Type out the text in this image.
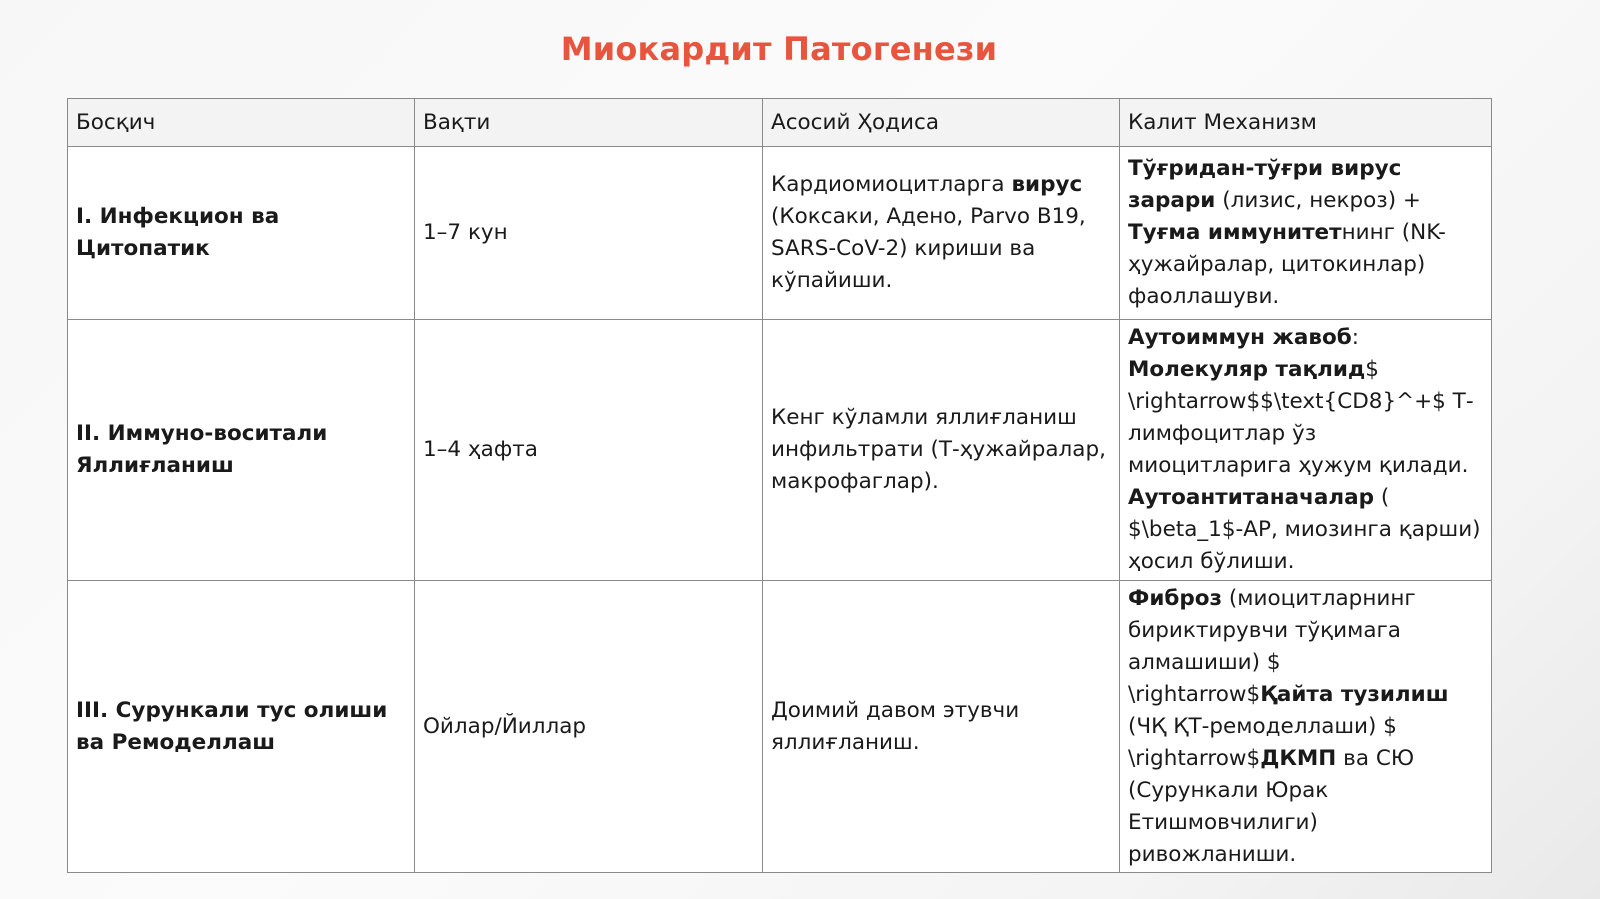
Миокардит Патогенези
Босқич	Вақти	Асосий Ҳодиса	Калит Механизм
I. Инфекцион ва Цитопатик	1–7 кун	Кардиомиоцитларга вирус (Коксаки, Адено, Parvo B19, SARS-CoV-2) кириши ва кўпайиши.	Тўғридан-тўғри вирус зарари (лизис, некроз) + Туғма иммунитетнинг (NK-ҳужайралар, цитокинлар) фаоллашуви.
II. Иммуно-воситали Яллиғланиш	1–4 ҳафта	Кенг кўламли яллиғланиш инфильтрати (Т-ҳужайралар, макрофаглар).	Аутоиммун жавоб: Молекуляр тақлид$ \rightarrow$$\text{CD8}^+$ Т-лимфоцитлар ўз миоцитларига ҳужум қилади. Аутоантитаначалар ( $\beta_1$-АР, миозинга қарши) ҳосил бўлиши.
III. Сурункали тус олиши ва Ремоделлаш	Ойлар/Йиллар	Доимий давом этувчи яллиғланиш.	Фиброз (миоцитларнинг бириктирувчи тўқимага алмашиши) $ \rightarrow$Қайта тузилиш (ЧҚ ҚТ-ремоделлаши) $ \rightarrow$ДКМП ва СЮ (Сурункали Юрак Етишмовчилиги) ривожланиши.
